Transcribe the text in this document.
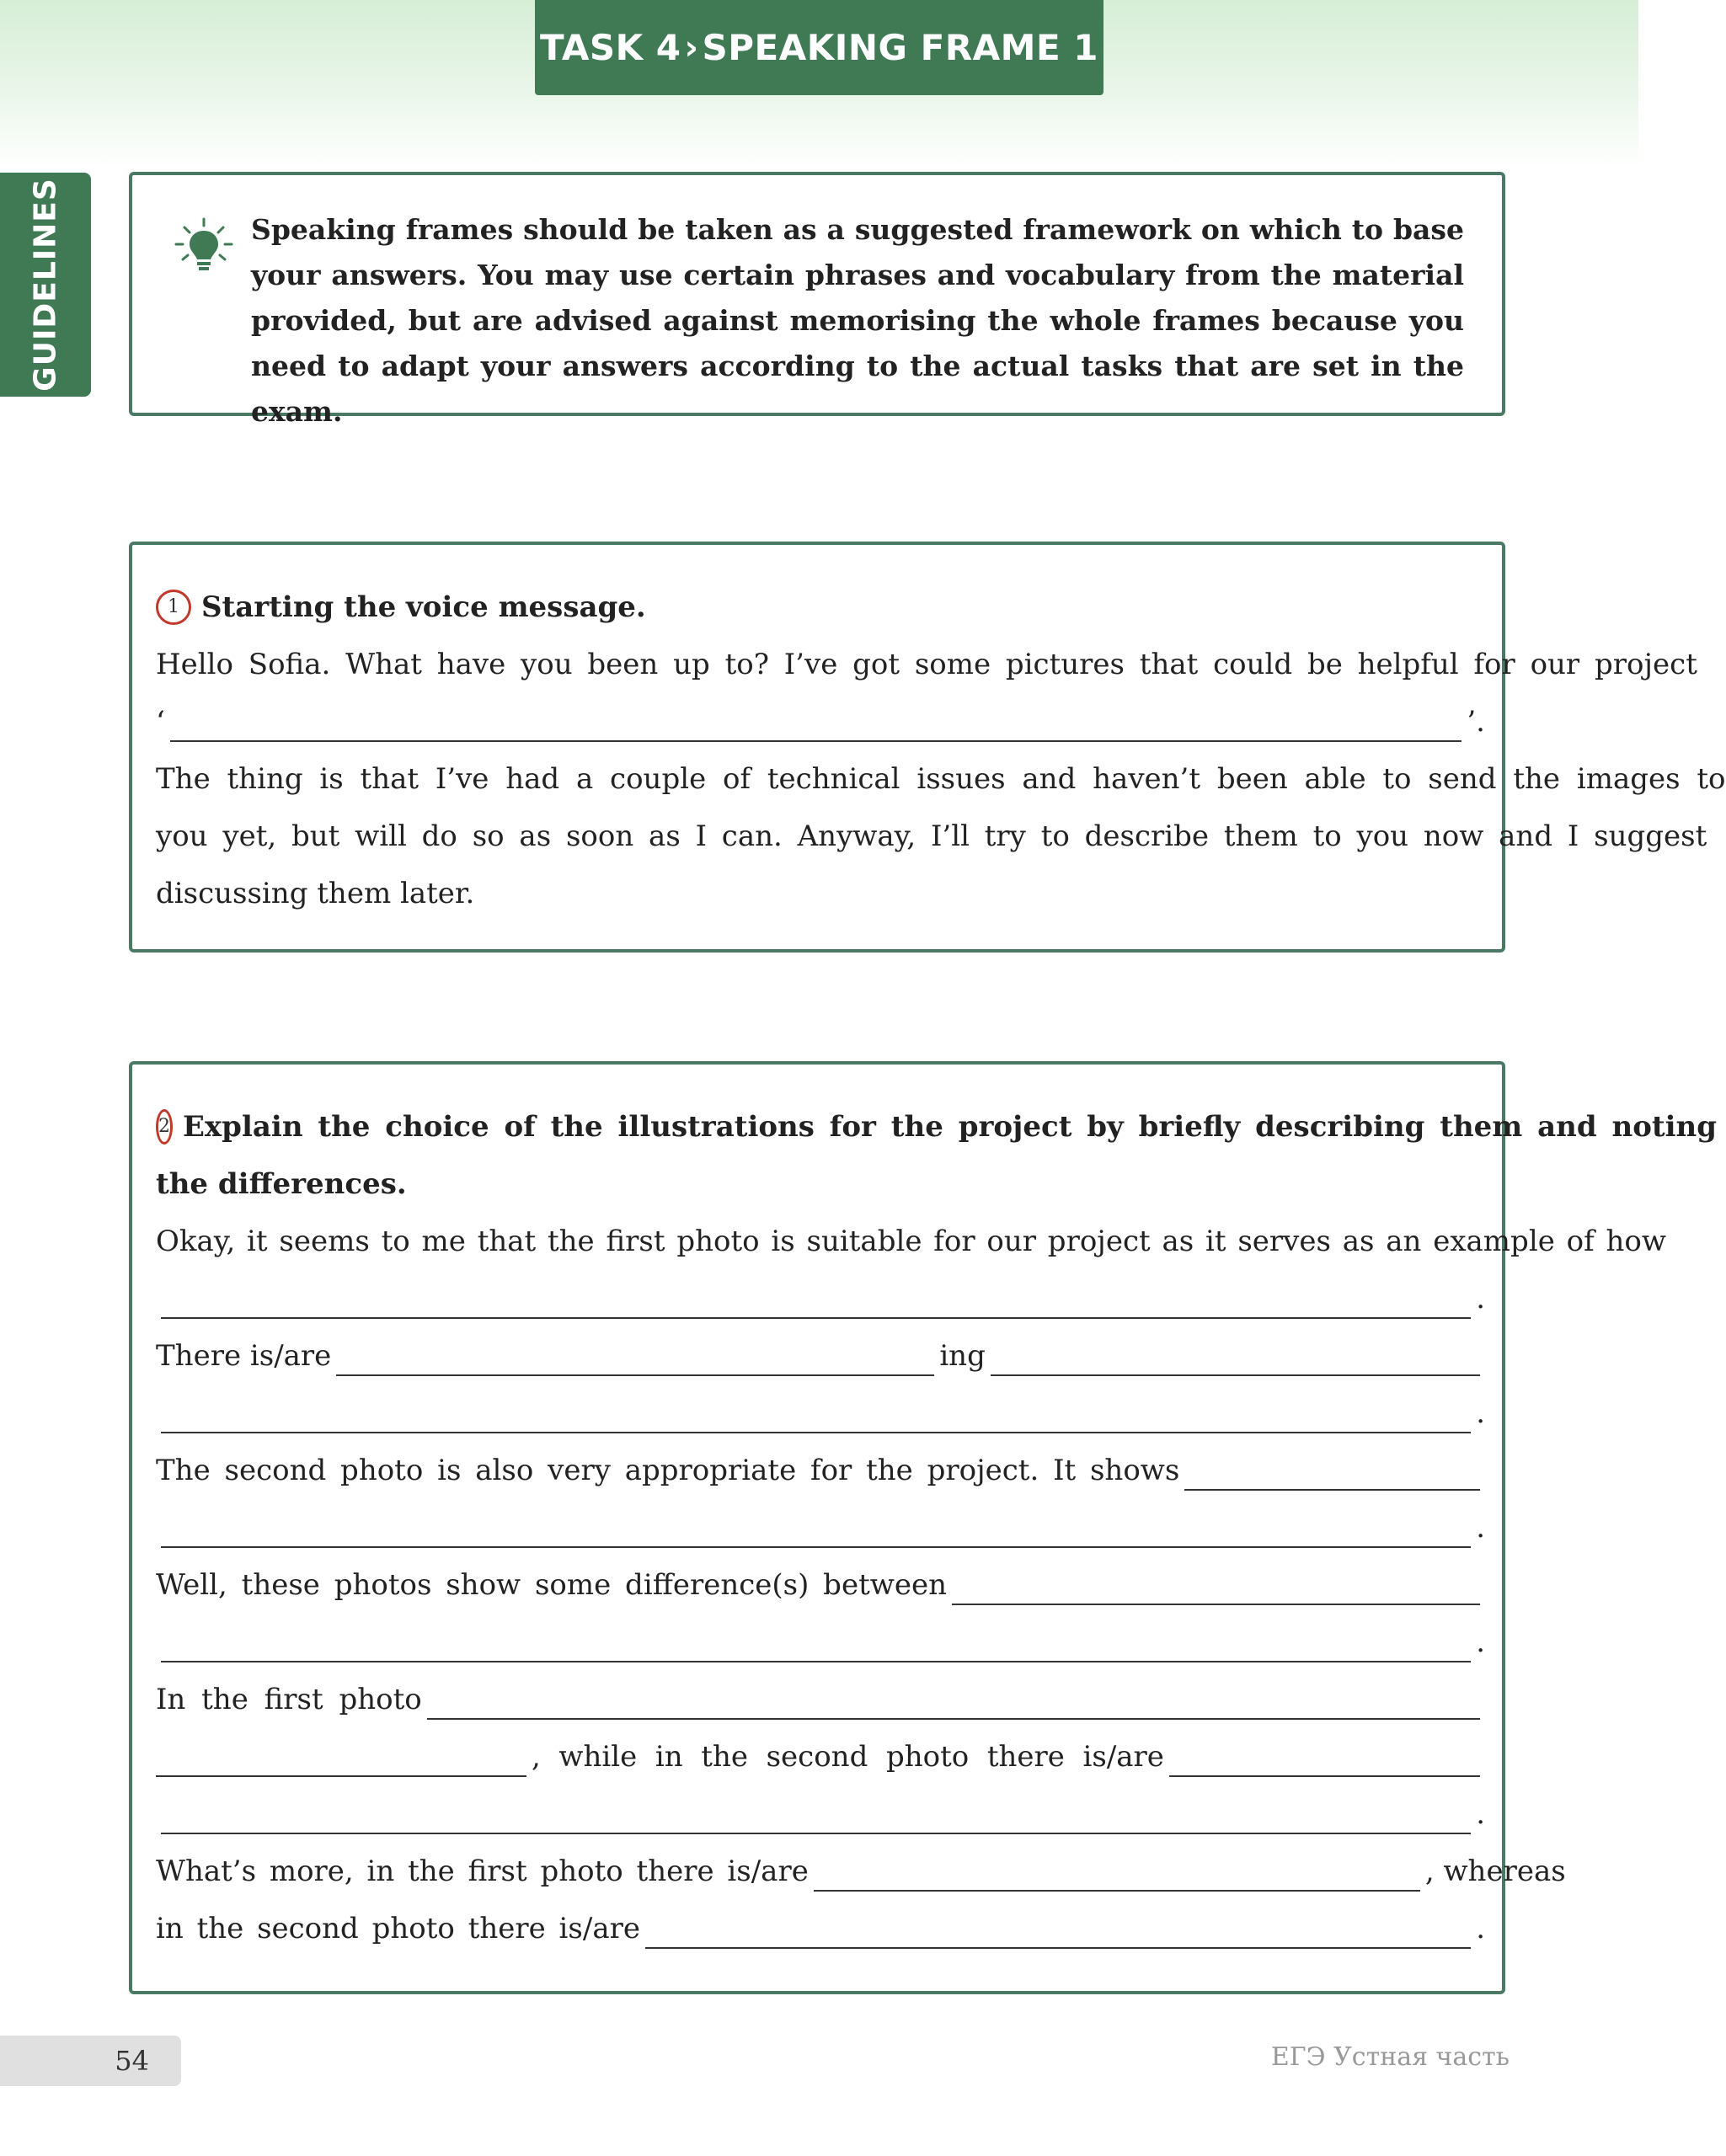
TASK 4 › SPEAKING FRAME 1
GUIDELINES	Speaking frames should be taken as a suggested framework on which to base your answers. You may use certain phrases and vocabulary from the material provided, but are advised against memorising the whole frames because you need to adapt your answers according to the actual tasks that are set in the exam.

1 Starting the voice message.
Hello Sofia. What have you been up to? I’ve got some pictures that could be helpful for our project
‘	’.
The thing is that I’ve had a couple of technical issues and haven’t been able to send the images to
you yet, but will do so as soon as I can. Anyway, I’ll try to describe them to you now and I suggest
discussing them later.
2 Explain the choice of the illustrations for the project by briefly describing them and noting
the differences.
Okay, it seems to me that the first photo is suitable for our project as it serves as an example of how
.
There is/are	ing
.
The second photo is also very appropriate for the project. It shows
.
Well, these photos show some difference(s) between
.
In the first photo
,  while  in  the  second  photo  there  is/are
.
What’s more, in the first photo there is/are	, whereas
in the second photo there is/are	.
54	ЕГЭ Устная часть
